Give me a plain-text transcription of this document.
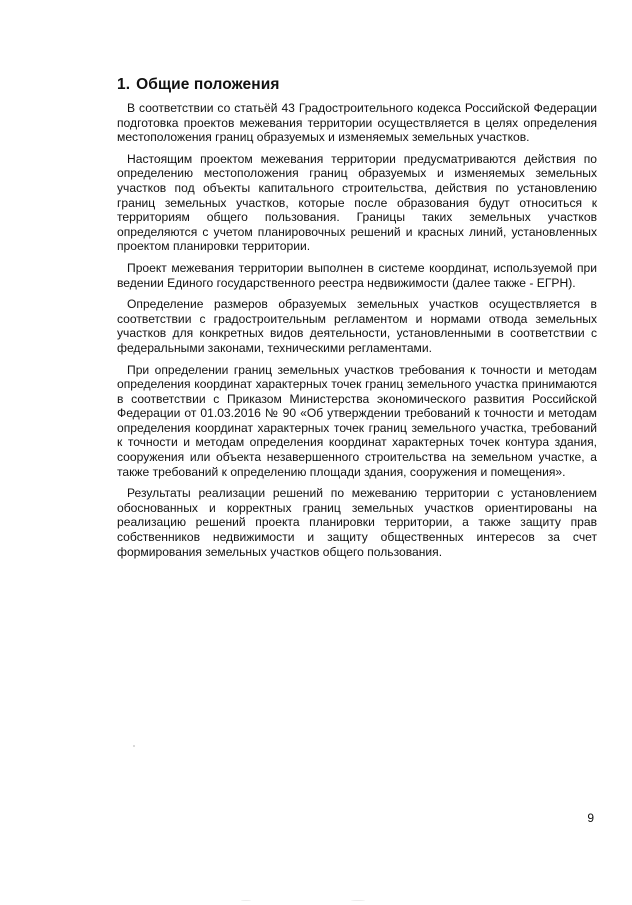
1. Общие положения

В соответствии со статьёй 43 Градостроительного кодекса Российской Федерации подготовка проектов межевания территории осуществляется в целях определения местоположения границ образуемых и изменяемых земельных участков.

Настоящим проектом межевания территории предусматриваются действия по определению местоположения границ образуемых и изменяемых земельных участков под объекты капитального строительства, действия по установлению границ земельных участков, которые после образования будут относиться к территориям общего пользования. Границы таких земельных участков определяются с учетом планировочных решений и красных линий, установленных проектом планировки территории.

Проект межевания территории выполнен в системе координат, используемой при ведении Единого государственного реестра недвижимости (далее также - ЕГРН).

Определение размеров образуемых земельных участков осуществляется в соответствии с градостроительным регламентом и нормами отвода земельных участков для конкретных видов деятельности, установленными в соответствии с федеральными законами, техническими регламентами.

При определении границ земельных участков требования к точности и методам определения координат характерных точек границ земельного участка принимаются в соответствии с Приказом Министерства экономического развития Российской Федерации от 01.03.2016 № 90 «Об утверждении требований к точности и методам определения координат характерных точек границ земельного участка, требований к точности и методам определения координат характерных точек контура здания, сооружения или объекта незавершенного строительства на земельном участке, а также требований к определению площади здания, сооружения и помещения».

Результаты реализации решений по межеванию территории с установлением обоснованных и корректных границ земельных участков ориентированы на реализацию решений проекта планировки территории, а также защиту прав собственников недвижимости и защиту общественных интересов за счет формирования земельных участков общего пользования.

9
